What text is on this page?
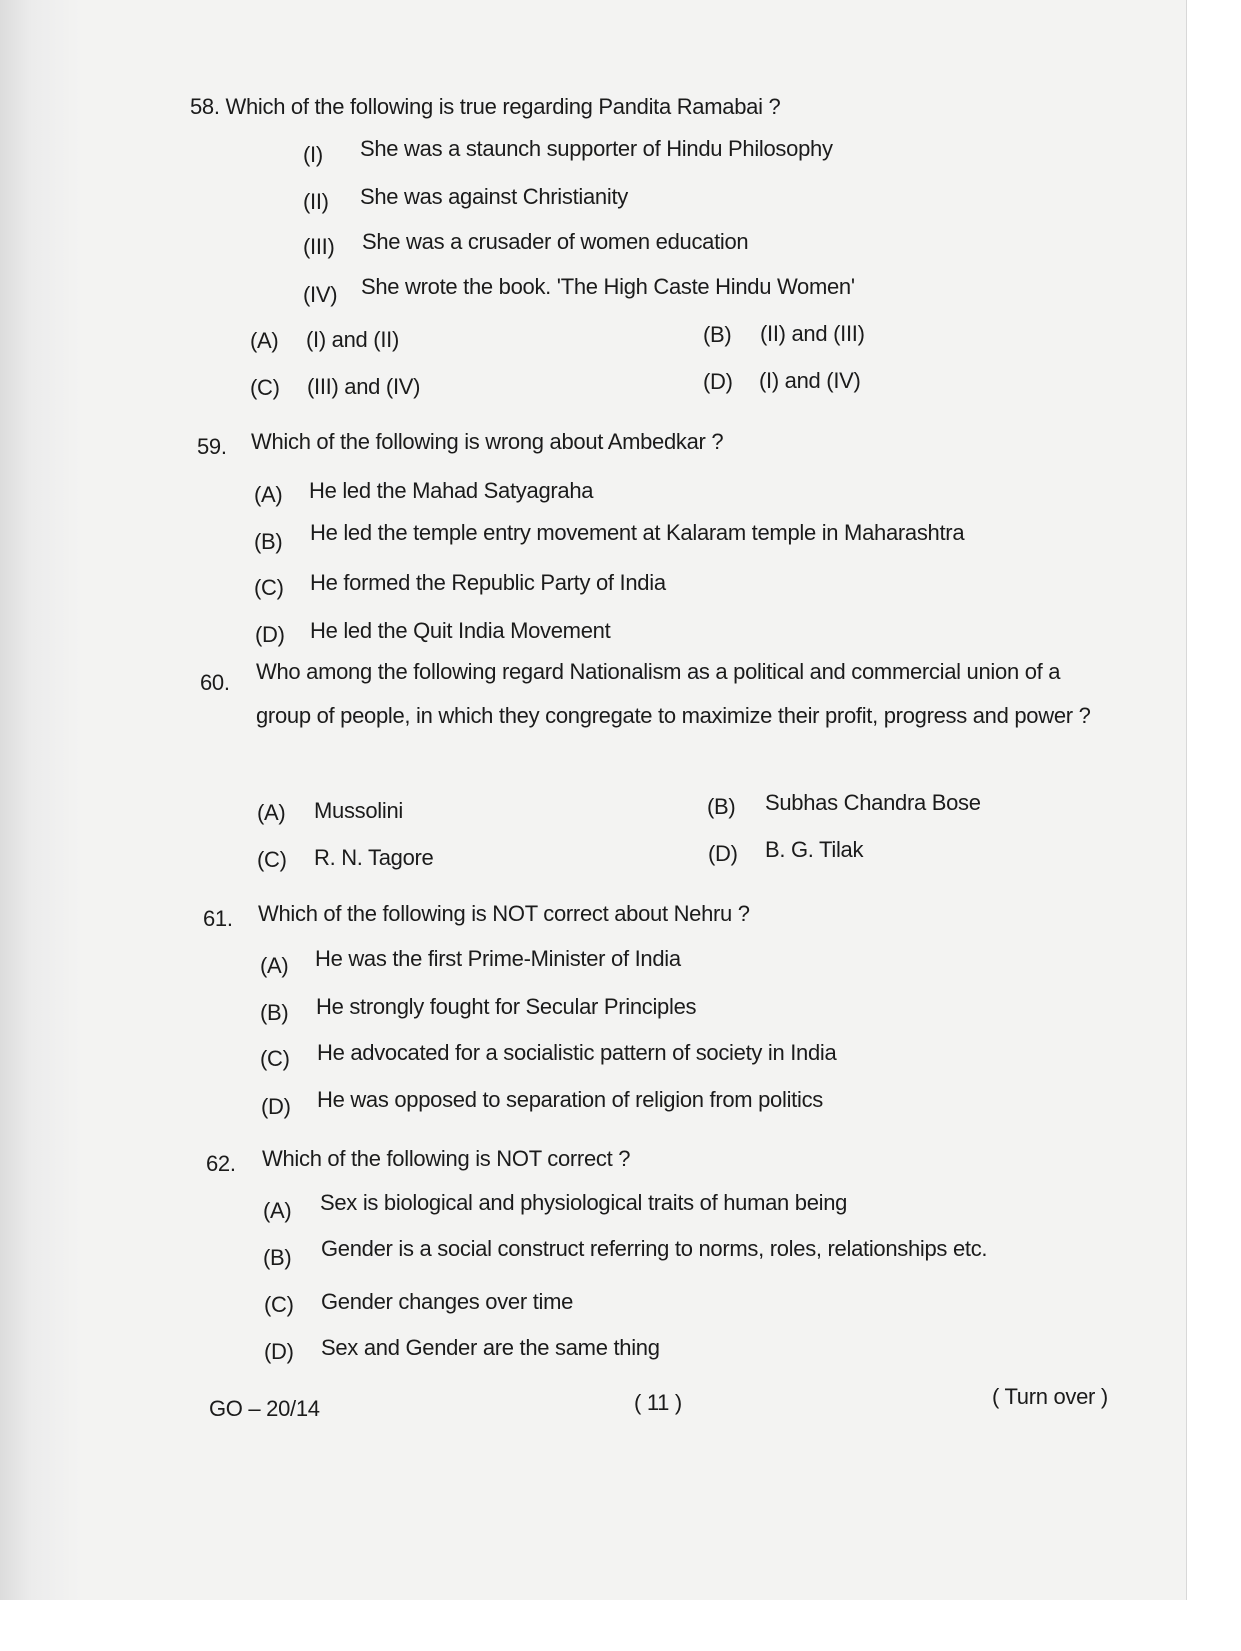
58. Which of the following is true regarding Pandita Ramabai ?
(I) She was a staunch supporter of Hindu Philosophy
(II) She was against Christianity
(III) She was a crusader of women education
(IV) She wrote the book. 'The High Caste Hindu Women'
(A) (I) and (II)	(B) (II) and (III)
(C) (III) and (IV)	(D) (I) and (IV)
59. Which of the following is wrong about Ambedkar ?
(A) He led the Mahad Satyagraha
(B) He led the temple entry movement at Kalaram temple in Maharashtra
(C) He formed the Republic Party of India
(D) He led the Quit India Movement
60. Who among the following regard Nationalism as a political and commercial union of a group of people, in which they congregate to maximize their profit, progress and power ?
(A) Mussolini	(B) Subhas Chandra Bose
(C) R. N. Tagore	(D) B. G. Tilak
61. Which of the following is NOT correct about Nehru ?
(A) He was the first Prime-Minister of India
(B) He strongly fought for Secular Principles
(C) He advocated for a socialistic pattern of society in India
(D) He was opposed to separation of religion from politics
62. Which of the following is NOT correct ?
(A) Sex is biological and physiological traits of human being
(B) Gender is a social construct referring to norms, roles, relationships etc.
(C) Gender changes over time
(D) Sex and Gender are the same thing
GO – 20/14	( 11 )	( Turn over )
